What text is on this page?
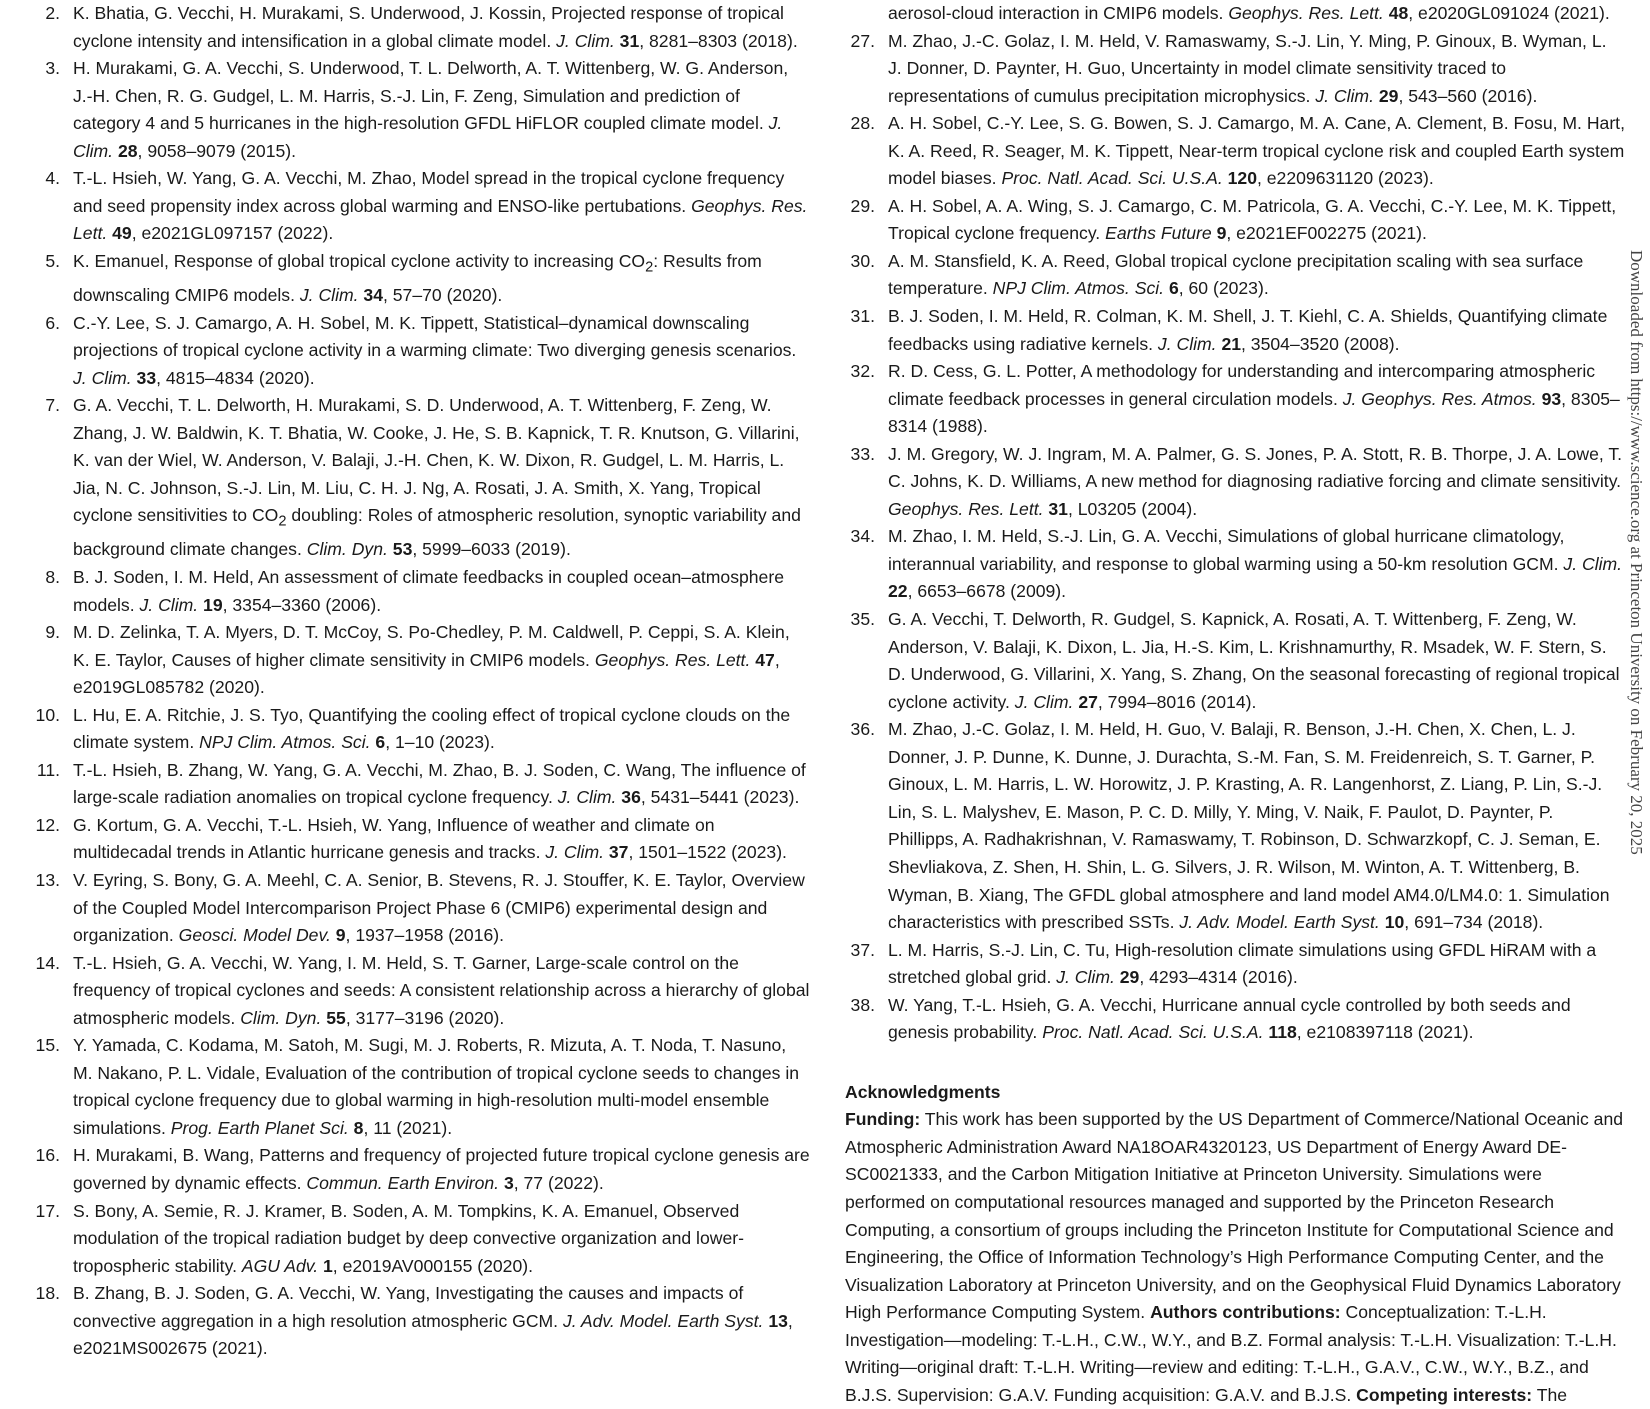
2. K. Bhatia, G. Vecchi, H. Murakami, S. Underwood, J. Kossin, Projected response of tropical cyclone intensity and intensification in a global climate model. J. Clim. 31, 8281–8303 (2018).

3. H. Murakami, G. A. Vecchi, S. Underwood, T. L. Delworth, A. T. Wittenberg, W. G. Anderson, J.-H. Chen, R. G. Gudgel, L. M. Harris, S.-J. Lin, F. Zeng, Simulation and prediction of category 4 and 5 hurricanes in the high-resolution GFDL HiFLOR coupled climate model. J. Clim. 28, 9058–9079 (2015).

4. T.-L. Hsieh, W. Yang, G. A. Vecchi, M. Zhao, Model spread in the tropical cyclone frequency and seed propensity index across global warming and ENSO-like pertubations. Geophys. Res. Lett. 49, e2021GL097157 (2022).

5. K. Emanuel, Response of global tropical cyclone activity to increasing $CO_2$: Results from downscaling CMIP6 models. J. Clim. 34, 57–70 (2020).

6. C.-Y. Lee, S. J. Camargo, A. H. Sobel, M. K. Tippett, Statistical–dynamical downscaling projections of tropical cyclone activity in a warming climate: Two diverging genesis scenarios. J. Clim. 33, 4815–4834 (2020).

7. G. A. Vecchi, T. L. Delworth, H. Murakami, S. D. Underwood, A. T. Wittenberg, F. Zeng, W. Zhang, J. W. Baldwin, K. T. Bhatia, W. Cooke, J. He, S. B. Kapnick, T. R. Knutson, G. Villarini, K. van der Wiel, W. Anderson, V. Balaji, J.-H. Chen, K. W. Dixon, R. Gudgel, L. M. Harris, L. Jia, N. C. Johnson, S.-J. Lin, M. Liu, C. H. J. Ng, A. Rosati, J. A. Smith, X. Yang, Tropical cyclone sensitivities to $CO_2$ doubling: Roles of atmospheric resolution, synoptic variability and background climate changes. Clim. Dyn. 53, 5999–6033 (2019).

8. B. J. Soden, I. M. Held, An assessment of climate feedbacks in coupled ocean–atmosphere models. J. Clim. 19, 3354–3360 (2006).

9. M. D. Zelinka, T. A. Myers, D. T. McCoy, S. Po-Chedley, P. M. Caldwell, P. Ceppi, S. A. Klein, K. E. Taylor, Causes of higher climate sensitivity in CMIP6 models. Geophys. Res. Lett. 47, e2019GL085782 (2020).

10. L. Hu, E. A. Ritchie, J. S. Tyo, Quantifying the cooling effect of tropical cyclone clouds on the climate system. NPJ Clim. Atmos. Sci. 6, 1–10 (2023).

11. T.-L. Hsieh, B. Zhang, W. Yang, G. A. Vecchi, M. Zhao, B. J. Soden, C. Wang, The influence of large-scale radiation anomalies on tropical cyclone frequency. J. Clim. 36, 5431–5441 (2023).

12. G. Kortum, G. A. Vecchi, T.-L. Hsieh, W. Yang, Influence of weather and climate on multidecadal trends in Atlantic hurricane genesis and tracks. J. Clim. 37, 1501–1522 (2023).

13. V. Eyring, S. Bony, G. A. Meehl, C. A. Senior, B. Stevens, R. J. Stouffer, K. E. Taylor, Overview of the Coupled Model Intercomparison Project Phase 6 (CMIP6) experimental design and organization. Geosci. Model Dev. 9, 1937–1958 (2016).

14. T.-L. Hsieh, G. A. Vecchi, W. Yang, I. M. Held, S. T. Garner, Large-scale control on the frequency of tropical cyclones and seeds: A consistent relationship across a hierarchy of global atmospheric models. Clim. Dyn. 55, 3177–3196 (2020).

15. Y. Yamada, C. Kodama, M. Satoh, M. Sugi, M. J. Roberts, R. Mizuta, A. T. Noda, T. Nasuno, M. Nakano, P. L. Vidale, Evaluation of the contribution of tropical cyclone seeds to changes in tropical cyclone frequency due to global warming in high-resolution multi-model ensemble simulations. Prog. Earth Planet Sci. 8, 11 (2021).

16. H. Murakami, B. Wang, Patterns and frequency of projected future tropical cyclone genesis are governed by dynamic effects. Commun. Earth Environ. 3, 77 (2022).

17. S. Bony, A. Semie, R. J. Kramer, B. Soden, A. M. Tompkins, K. A. Emanuel, Observed modulation of the tropical radiation budget by deep convective organization and lower-tropospheric stability. AGU Adv. 1, e2019AV000155 (2020).

18. B. Zhang, B. J. Soden, G. A. Vecchi, W. Yang, Investigating the causes and impacts of convective aggregation in a high resolution atmospheric GCM. J. Adv. Model. Earth Syst. 13, e2021MS002675 (2021).

aerosol-cloud interaction in CMIP6 models. Geophys. Res. Lett. 48, e2020GL091024 (2021).

27. M. Zhao, J.-C. Golaz, I. M. Held, V. Ramaswamy, S.-J. Lin, Y. Ming, P. Ginoux, B. Wyman, L. J. Donner, D. Paynter, H. Guo, Uncertainty in model climate sensitivity traced to representations of cumulus precipitation microphysics. J. Clim. 29, 543–560 (2016).

28. A. H. Sobel, C.-Y. Lee, S. G. Bowen, S. J. Camargo, M. A. Cane, A. Clement, B. Fosu, M. Hart, K. A. Reed, R. Seager, M. K. Tippett, Near-term tropical cyclone risk and coupled Earth system model biases. Proc. Natl. Acad. Sci. U.S.A. 120, e2209631120 (2023).

29. A. H. Sobel, A. A. Wing, S. J. Camargo, C. M. Patricola, G. A. Vecchi, C.-Y. Lee, M. K. Tippett, Tropical cyclone frequency. Earths Future 9, e2021EF002275 (2021).

30. A. M. Stansfield, K. A. Reed, Global tropical cyclone precipitation scaling with sea surface temperature. NPJ Clim. Atmos. Sci. 6, 60 (2023).

31. B. J. Soden, I. M. Held, R. Colman, K. M. Shell, J. T. Kiehl, C. A. Shields, Quantifying climate feedbacks using radiative kernels. J. Clim. 21, 3504–3520 (2008).

32. R. D. Cess, G. L. Potter, A methodology for understanding and intercomparing atmospheric climate feedback processes in general circulation models. J. Geophys. Res. Atmos. 93, 8305–8314 (1988).

33. J. M. Gregory, W. J. Ingram, M. A. Palmer, G. S. Jones, P. A. Stott, R. B. Thorpe, J. A. Lowe, T. C. Johns, K. D. Williams, A new method for diagnosing radiative forcing and climate sensitivity. Geophys. Res. Lett. 31, L03205 (2004).

34. M. Zhao, I. M. Held, S.-J. Lin, G. A. Vecchi, Simulations of global hurricane climatology, interannual variability, and response to global warming using a 50-km resolution GCM. J. Clim. 22, 6653–6678 (2009).

35. G. A. Vecchi, T. Delworth, R. Gudgel, S. Kapnick, A. Rosati, A. T. Wittenberg, F. Zeng, W. Anderson, V. Balaji, K. Dixon, L. Jia, H.-S. Kim, L. Krishnamurthy, R. Msadek, W. F. Stern, S. D. Underwood, G. Villarini, X. Yang, S. Zhang, On the seasonal forecasting of regional tropical cyclone activity. J. Clim. 27, 7994–8016 (2014).

36. M. Zhao, J.-C. Golaz, I. M. Held, H. Guo, V. Balaji, R. Benson, J.-H. Chen, X. Chen, L. J. Donner, J. P. Dunne, K. Dunne, J. Durachta, S.-M. Fan, S. M. Freidenreich, S. T. Garner, P. Ginoux, L. M. Harris, L. W. Horowitz, J. P. Krasting, A. R. Langenhorst, Z. Liang, P. Lin, S.-J. Lin, S. L. Malyshev, E. Mason, P. C. D. Milly, Y. Ming, V. Naik, F. Paulot, D. Paynter, P. Phillipps, A. Radhakrishnan, V. Ramaswamy, T. Robinson, D. Schwarzkopf, C. J. Seman, E. Shevliakova, Z. Shen, H. Shin, L. G. Silvers, J. R. Wilson, M. Winton, A. T. Wittenberg, B. Wyman, B. Xiang, The GFDL global atmosphere and land model AM4.0/LM4.0: 1. Simulation characteristics with prescribed SSTs. J. Adv. Model. Earth Syst. 10, 691–734 (2018).

37. L. M. Harris, S.-J. Lin, C. Tu, High-resolution climate simulations using GFDL HiRAM with a stretched global grid. J. Clim. 29, 4293–4314 (2016).

38. W. Yang, T.-L. Hsieh, G. A. Vecchi, Hurricane annual cycle controlled by both seeds and genesis probability. Proc. Natl. Acad. Sci. U.S.A. 118, e2108397118 (2021).

Acknowledgments

Funding: This work has been supported by the US Department of Commerce/National Oceanic and Atmospheric Administration Award NA18OAR4320123, US Department of Energy Award DE-SC0021333, and the Carbon Mitigation Initiative at Princeton University. Simulations were performed on computational resources managed and supported by the Princeton Research Computing, a consortium of groups including the Princeton Institute for Computational Science and Engineering, the Office of Information Technology’s High Performance Computing Center, and the Visualization Laboratory at Princeton University, and on the Geophysical Fluid Dynamics Laboratory High Performance Computing System. Authors contributions: Conceptualization: T.-L.H. Investigation—modeling: T.-L.H., C.W., W.Y., and B.Z. Formal analysis: T.-L.H. Visualization: T.-L.H. Writing—original draft: T.-L.H. Writing—review and editing: T.-L.H., G.A.V., C.W., W.Y., B.Z., and B.J.S. Supervision: G.A.V. Funding acquisition: G.A.V. and B.J.S. Competing interests: The

Downloaded from https://www.science.org at Princeton University on February 20, 2025
